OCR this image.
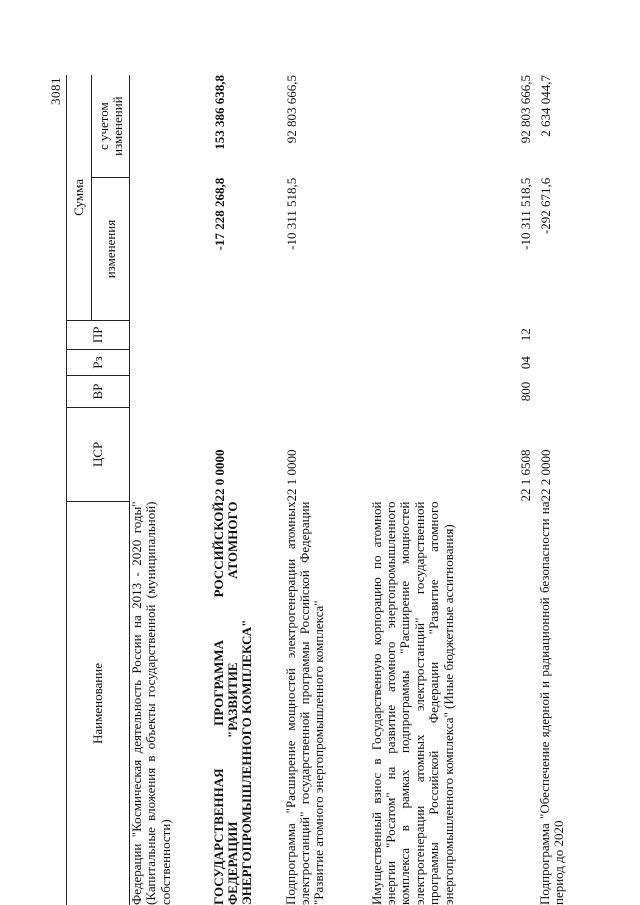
3081
Наименование	ЦСР	ВР	Рз	ПР	Сумма	
					изменения	с учетом изменений
Федерации "Космическая деятельность России на 2013 - 2020 годы" (Капитальные вложения в объекты государственной (муниципальной) собственности)						
ГОСУДАРСТВЕННАЯ ПРОГРАММА РОССИЙСКОЙ ФЕДЕРАЦИИ "РАЗВИТИЕ АТОМНОГО ЭНЕРГОПРОМЫШЛЕННОГО КОМПЛЕКСА"	22 0 0000				-17 228 268,8	153 386 638,8
Подпрограмма "Расширение мощностей электрогенерации атомных электростанций" государственной программы Российской Федерации "Развитие атомного энергопромышленного комплекса"	22 1 0000				-10 311 518,5	92 803 666,5
Имущественный взнос в Государственную корпорацию по атомной энергии "Росатом" на развитие атомного энергопромышленного комплекса в рамках подпрограммы "Расширение мощностей электрогенерации атомных электростанций" государственной программы Российской Федерации "Развитие атомного энергопромышленного комплекса" (Иные бюджетные ассигнования)	22 1 6508	800	04	12	-10 311 518,5	92 803 666,5
Подпрограмма "Обеспечение ядерной и радиационной безопасности на период до 2020	22 2 0000				-292 671,6	2 634 044,7
